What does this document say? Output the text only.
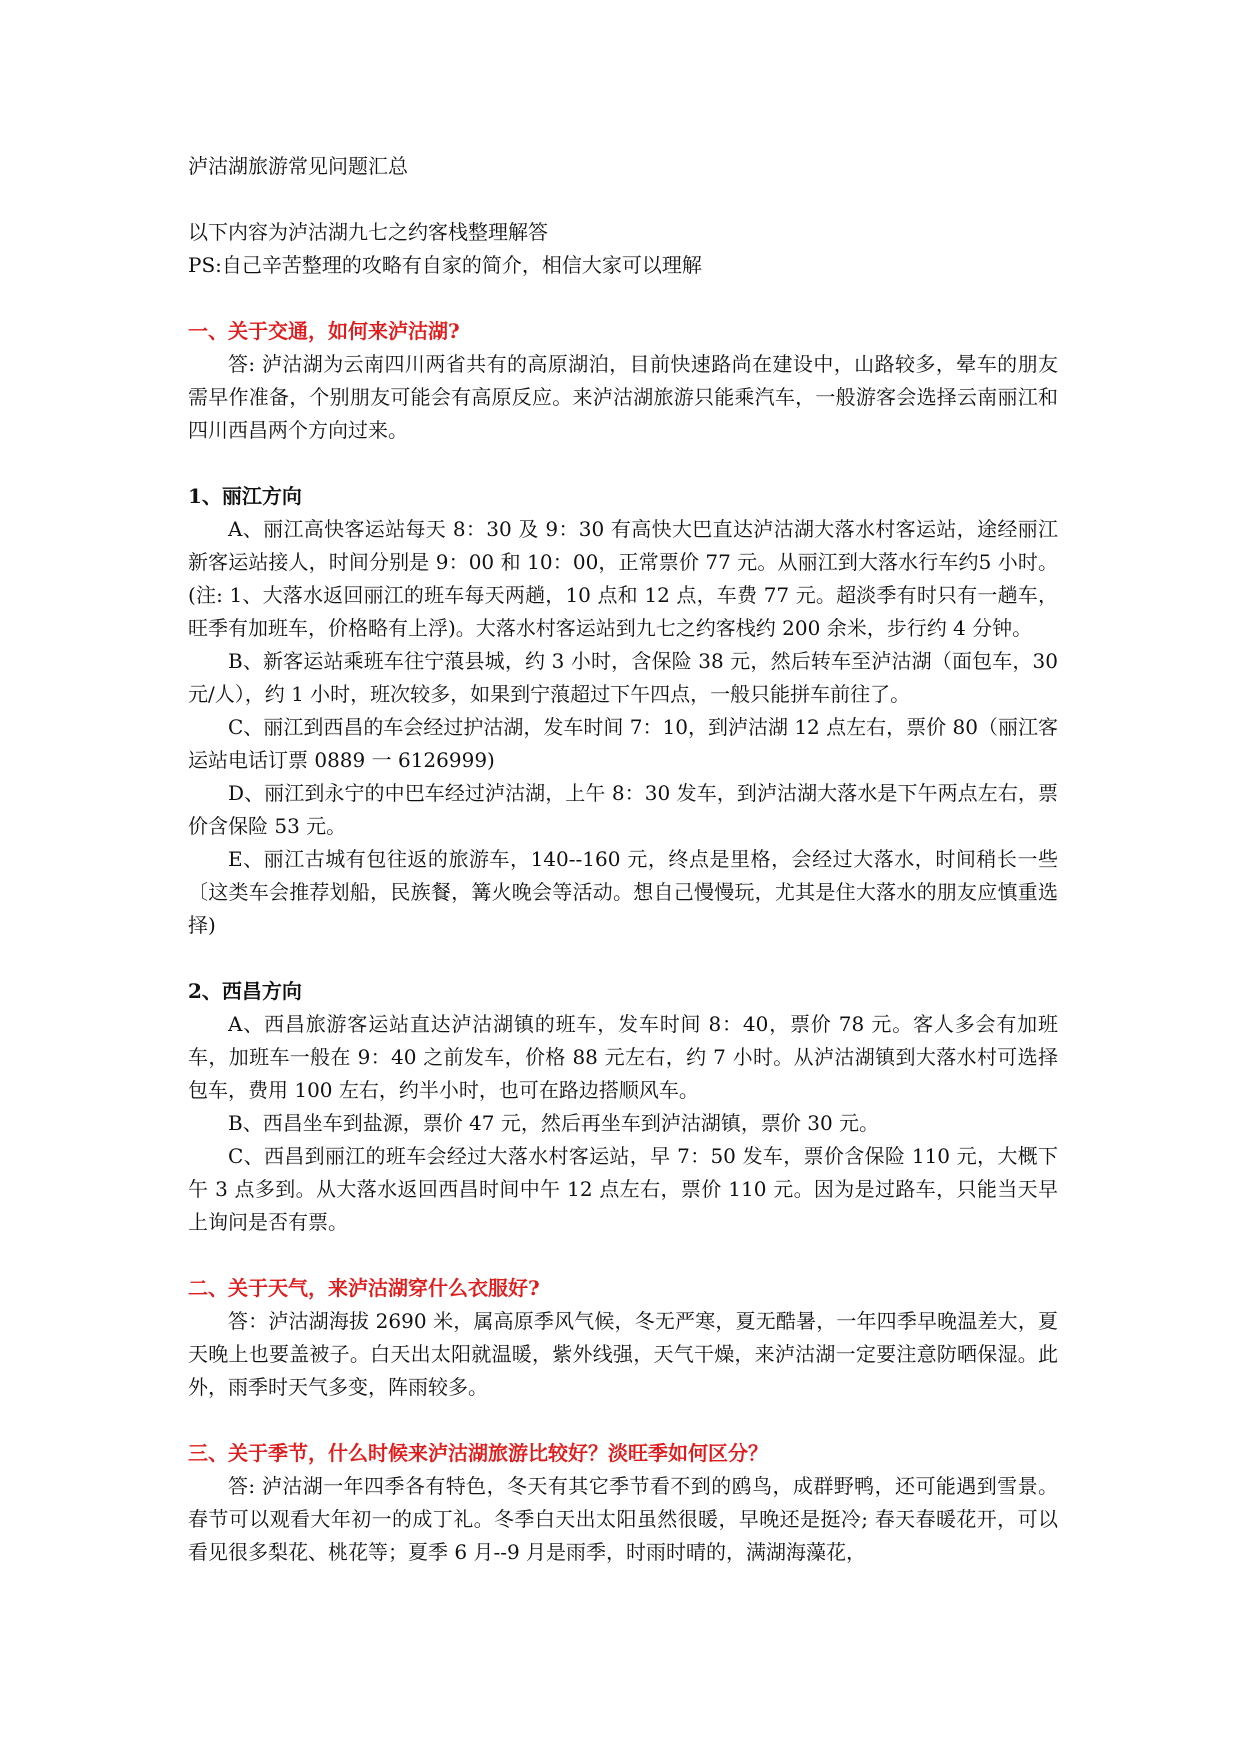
泸沽湖旅游常见问题汇总
以下内容为泸沽湖九七之约客栈整理解答
PS:自己辛苦整理的攻略有自家的简介，相信大家可以理解
一、关于交通，如何来泸沽湖?
答: 泸沽湖为云南四川两省共有的高原湖泊，目前快速路尚在建设中，山路较多，晕车的朋友需早作准备，个别朋友可能会有高原反应。来泸沽湖旅游只能乘汽车，一般游客会选择云南丽江和四川西昌两个方向过来。
1、丽江方向
A、丽江高快客运站每天 8：30 及 9：30 有高快大巴直达泸沽湖大落水村客运站，途经丽江新客运站接人，时间分别是 9：00 和 10：00，正常票价 77 元。从丽江到大落水行车约5 小时。(注: 1、大落水返回丽江的班车每天两趟，10 点和 12 点，车费 77 元。超淡季有时只有一趟车，旺季有加班车，价格略有上浮)。大落水村客运站到九七之约客栈约 200 余米，步行约 4 分钟。
B、新客运站乘班车往宁蒗县城，约 3 小时，含保险 38 元，然后转车至泸沽湖（面包车，30 元/人），约 1 小时，班次较多，如果到宁蒗超过下午四点，一般只能拼车前往了。
C、丽江到西昌的车会经过护沽湖，发车时间 7：10，到泸沽湖 12 点左右，票价 80（丽江客运站电话订票 0889 一 6126999)
D、丽江到永宁的中巴车经过泸沽湖，上午 8：30 发车，到泸沽湖大落水是下午两点左右，票价含保险 53 元。
E、丽江古城有包往返的旅游车，140--160 元，终点是里格，会经过大落水，时间稍长一些〔这类车会推荐划船，民族餐，篝火晚会等活动。想自己慢慢玩，尤其是住大落水的朋友应慎重选择)
2、西昌方向
A、西昌旅游客运站直达泸沽湖镇的班车，发车时间 8：40，票价 78 元。客人多会有加班车，加班车一般在 9：40 之前发车，价格 88 元左右，约 7 小时。从泸沽湖镇到大落水村可选择包车，费用 100 左右，约半小时，也可在路边搭顺风车。
B、西昌坐车到盐源，票价 47 元，然后再坐车到泸沽湖镇，票价 30 元。
C、西昌到丽江的班车会经过大落水村客运站，早 7：50 发车，票价含保险 110 元，大概下午 3 点多到。从大落水返回西昌时间中午 12 点左右，票价 110 元。因为是过路车，只能当天早上询问是否有票。
二、关于天气，来泸沽湖穿什么衣服好?
答：泸沽湖海拔 2690 米，属高原季风气候，冬无严寒，夏无酷暑，一年四季早晚温差大，夏天晚上也要盖被子。白天出太阳就温暖，紫外线强，天气干燥，来泸沽湖一定要注意防晒保湿。此外，雨季时天气多变，阵雨较多。
三、关于季节，什么时候来泸沽湖旅游比较好？淡旺季如何区分？
答: 泸沽湖一年四季各有特色，冬天有其它季节看不到的鸥鸟，成群野鸭，还可能遇到雪景。春节可以观看大年初一的成丁礼。冬季白天出太阳虽然很暖，早晚还是挺冷; 春天春暖花开，可以看见很多梨花、桃花等；夏季 6 月--9 月是雨季，时雨时晴的，满湖海藻花，
